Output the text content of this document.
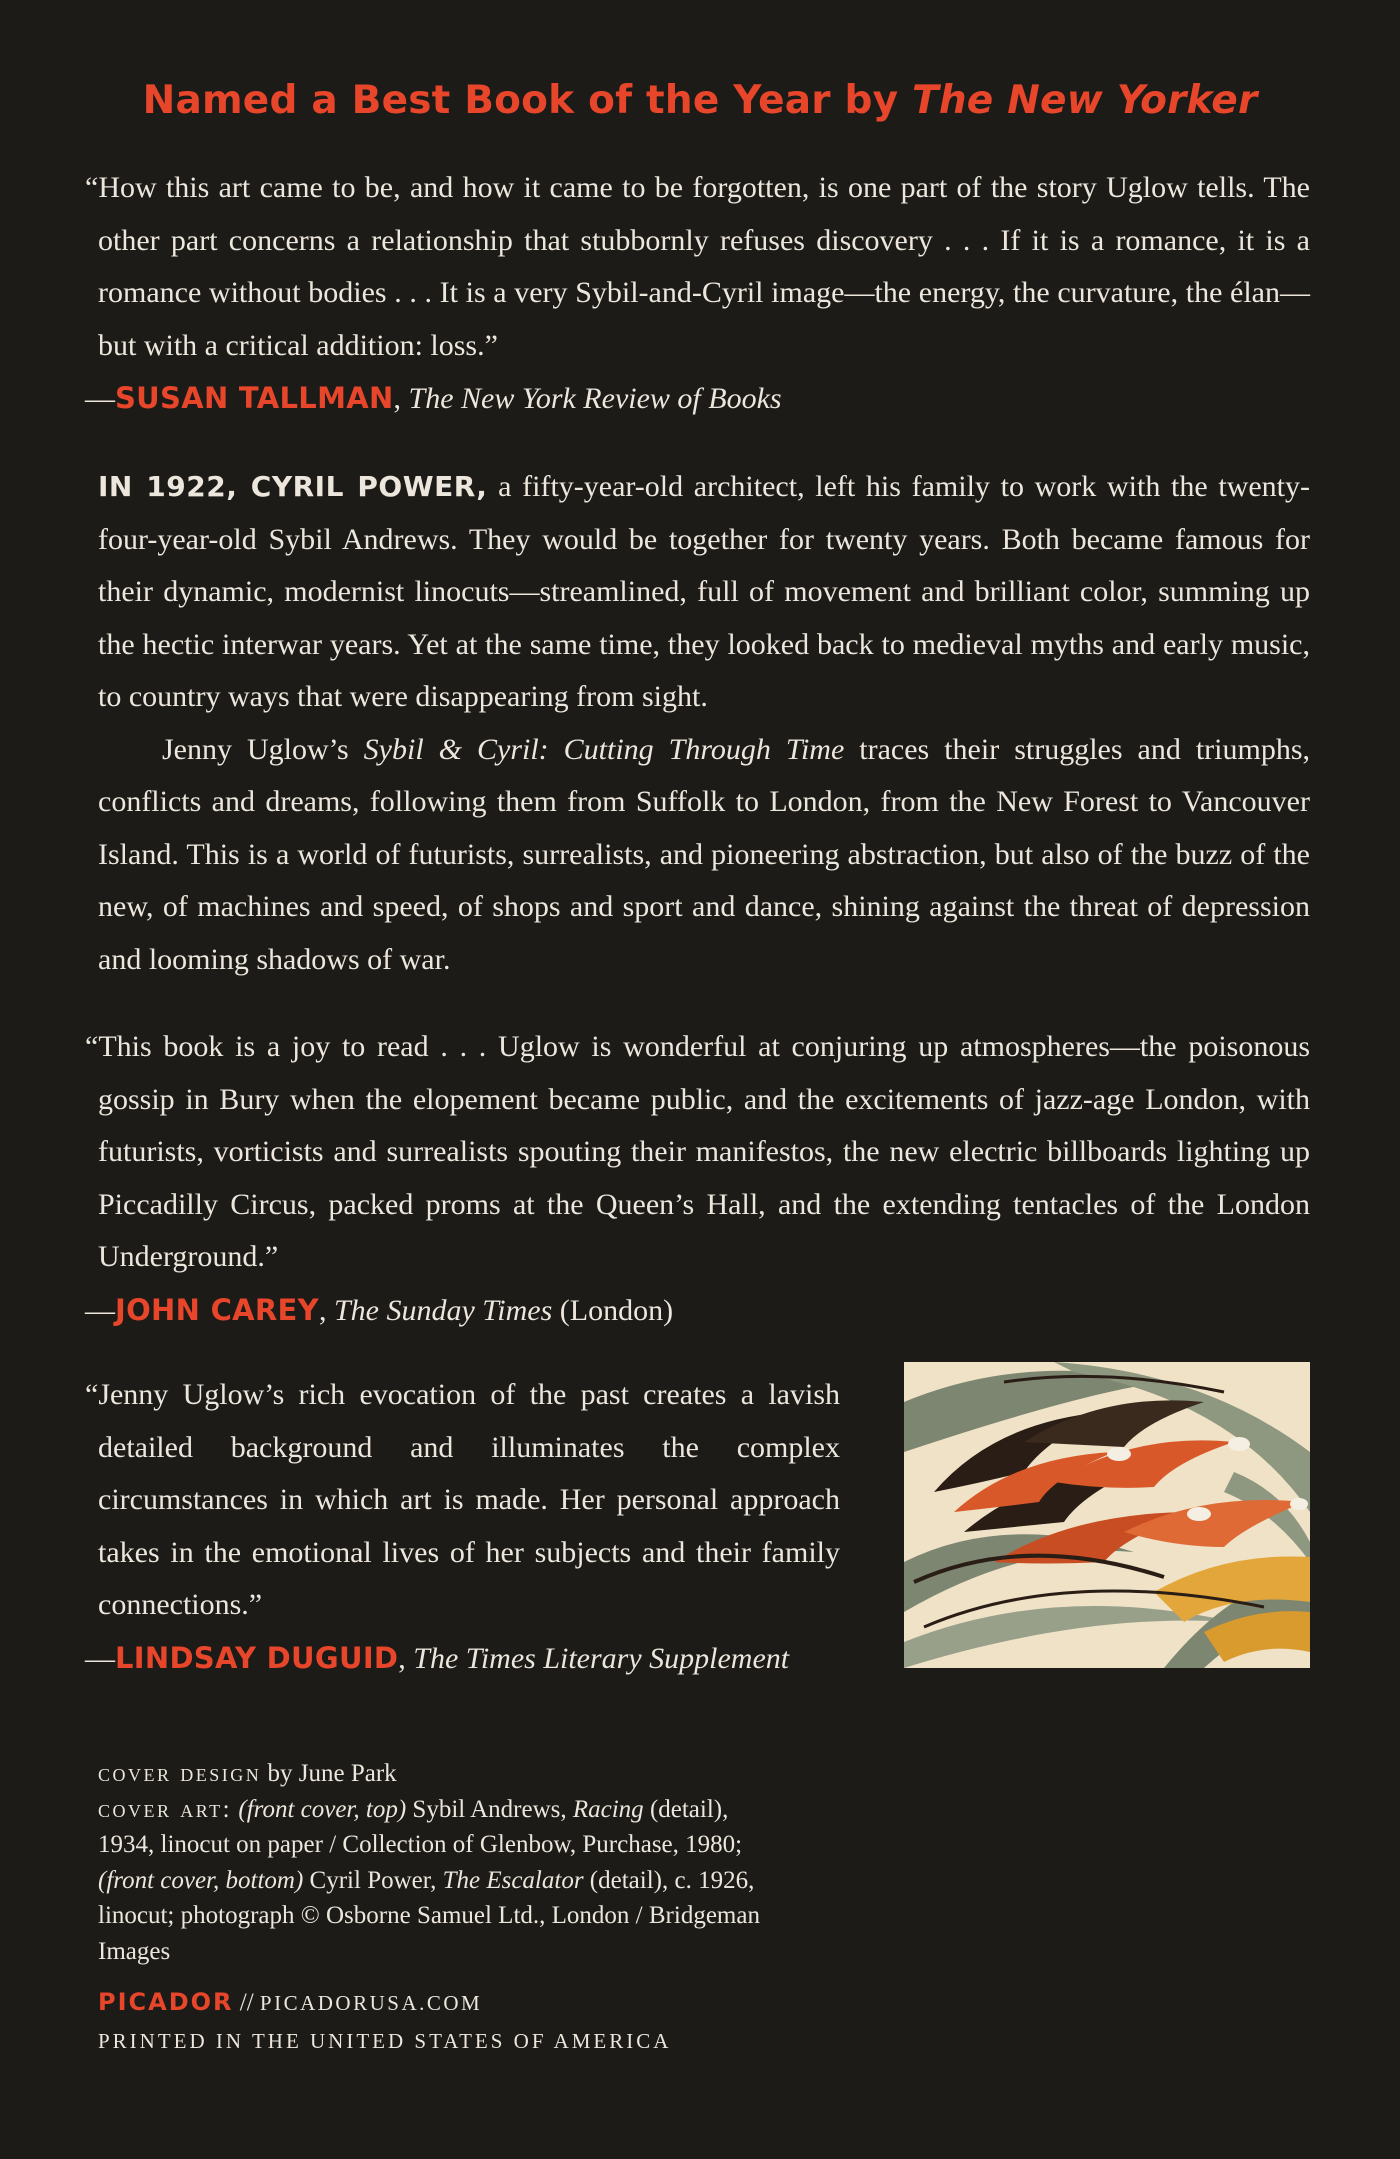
Named a Best Book of the Year by The New Yorker

“How this art came to be, and how it came to be forgotten, is one part of the story Uglow tells. The other part concerns a relationship that stubbornly refuses discovery . . . If it is a romance, it is a romance without bodies . . . It is a very Sybil-and-Cyril image—the energy, the curvature, the élan—but with a critical addition: loss.”

—SUSAN TALLMAN, The New York Review of Books

IN 1922, CYRIL POWER, a fifty-year-old architect, left his family to work with the twenty-four-year-old Sybil Andrews. They would be together for twenty years. Both became famous for their dynamic, modernist linocuts—streamlined, full of movement and brilliant color, summing up the hectic interwar years. Yet at the same time, they looked back to medieval myths and early music, to country ways that were disappearing from sight.

Jenny Uglow’s Sybil & Cyril: Cutting Through Time traces their struggles and triumphs, conflicts and dreams, following them from Suffolk to London, from the New Forest to Vancouver Island. This is a world of futurists, surrealists, and pioneering abstraction, but also of the buzz of the new, of machines and speed, of shops and sport and dance, shining against the threat of depression and looming shadows of war.

“This book is a joy to read . . . Uglow is wonderful at conjuring up atmospheres—the poisonous gossip in Bury when the elopement became public, and the excitements of jazz-age London, with futurists, vorticists and surrealists spouting their manifestos, the new electric billboards lighting up Piccadilly Circus, packed proms at the Queen’s Hall, and the extending tentacles of the London Underground.”

—JOHN CAREY, The Sunday Times (London)

“Jenny Uglow’s rich evocation of the past creates a lavish detailed background and illuminates the complex circumstances in which art is made. Her personal approach takes in the emotional lives of her subjects and their family connections.”

—LINDSAY DUGUID, The Times Literary Supplement

cover design by June Park

cover art: (front cover, top) Sybil Andrews, Racing (detail), 1934, linocut on paper / Collection of Glenbow, Purchase, 1980; (front cover, bottom) Cyril Power, The Escalator (detail), c. 1926, linocut; photograph © Osborne Samuel Ltd., London / Bridgeman Images

PICADOR // PICADORUSA.COM

PRINTED IN THE UNITED STATES OF AMERICA
